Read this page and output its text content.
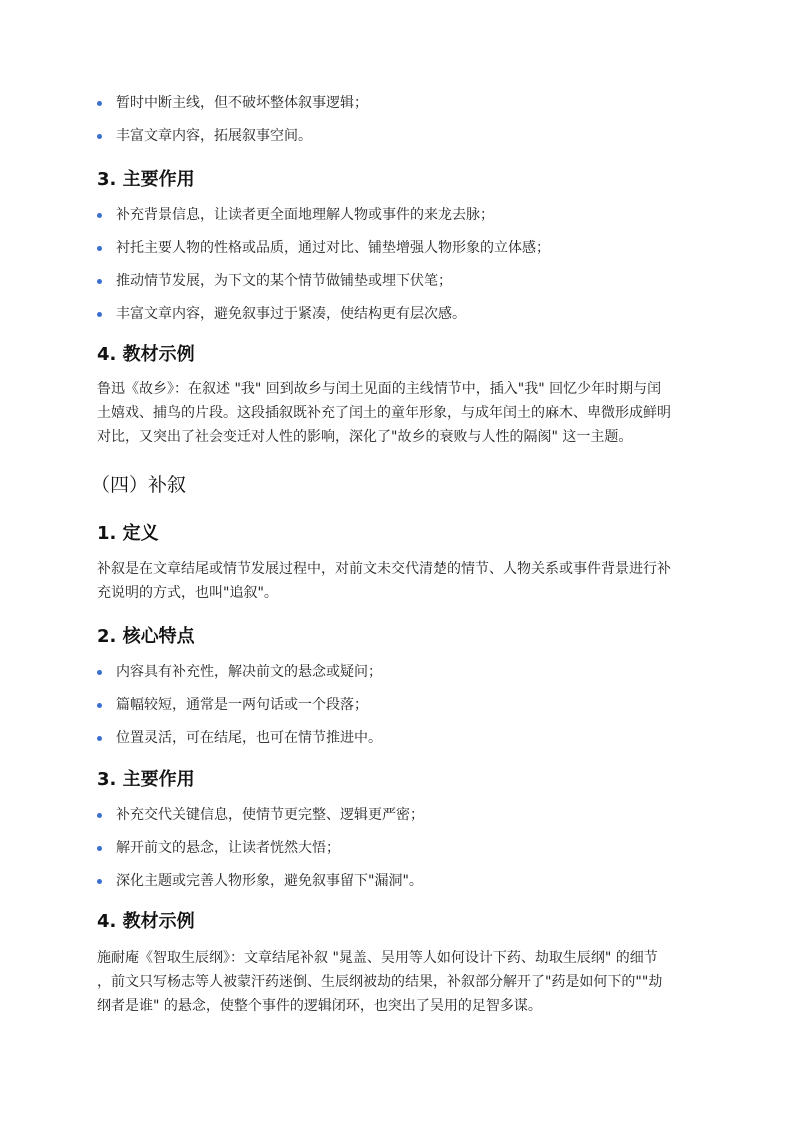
暂时中断主线，但不破坏整体叙事逻辑；
丰富文章内容，拓展叙事空间。
3. 主要作用
补充背景信息，让读者更全面地理解人物或事件的来龙去脉；
衬托主要人物的性格或品质，通过对比、铺垫增强人物形象的立体感；
推动情节发展，为下文的某个情节做铺垫或埋下伏笔；
丰富文章内容，避免叙事过于紧凑，使结构更有层次感。
4. 教材示例

鲁迅《故乡》：在叙述 "我" 回到故乡与闰土见面的主线情节中，插入"我" 回忆少年时期与闰

土嬉戏、捕鸟的片段。这段插叙既补充了闰土的童年形象，与成年闰土的麻木、卑微形成鲜明

对比，又突出了社会变迁对人性的影响，深化了"故乡的衰败与人性的隔阂" 这一主题。

（四）补叙
1. 定义

补叙是在文章结尾或情节发展过程中，对前文未交代清楚的情节、人物关系或事件背景进行补

充说明的方式，也叫"追叙"。

2. 核心特点
内容具有补充性，解决前文的悬念或疑问；
篇幅较短，通常是一两句话或一个段落；
位置灵活，可在结尾，也可在情节推进中。
3. 主要作用
补充交代关键信息，使情节更完整、逻辑更严密；
解开前文的悬念，让读者恍然大悟；
深化主题或完善人物形象，避免叙事留下"漏洞"。
4. 教材示例

施耐庵《智取生辰纲》：文章结尾补叙 "晁盖、吴用等人如何设计下药、劫取生辰纲" 的细节

，前文只写杨志等人被蒙汗药迷倒、生辰纲被劫的结果，补叙部分解开了"药是如何下的""劫

纲者是谁" 的悬念，使整个事件的逻辑闭环，也突出了吴用的足智多谋。
